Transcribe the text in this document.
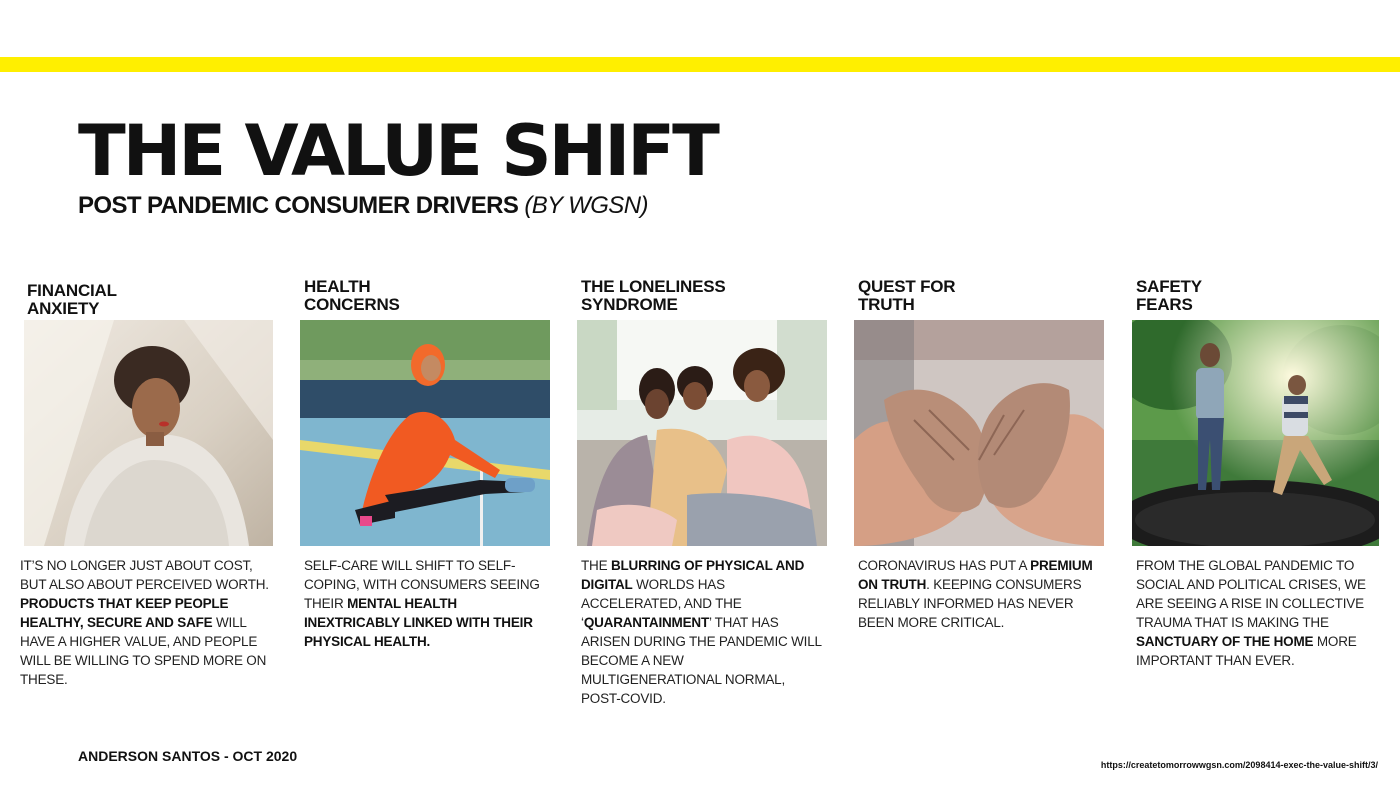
THE VALUE SHIFT

POST PANDEMIC CONSUMER DRIVERS (BY WGSN)

FINANCIAL
ANXIETY

IT’S NO LONGER JUST ABOUT COST, BUT ALSO ABOUT PERCEIVED WORTH. PRODUCTS THAT KEEP PEOPLE HEALTHY, SECURE AND SAFE WILL HAVE A HIGHER VALUE, AND PEOPLE WILL BE WILLING TO SPEND MORE ON THESE.

HEALTH
CONCERNS

SELF-CARE WILL SHIFT TO SELF-COPING, WITH CONSUMERS SEEING THEIR MENTAL HEALTH INEXTRICABLY LINKED WITH THEIR PHYSICAL HEALTH.

THE LONELINESS
SYNDROME

THE BLURRING OF PHYSICAL AND DIGITAL WORLDS HAS ACCELERATED, AND THE ‘QUARANTAINMENT’ THAT HAS ARISEN DURING THE PANDEMIC WILL BECOME A NEW MULTIGENERATIONAL NORMAL, POST-COVID.

QUEST FOR
TRUTH

CORONAVIRUS HAS PUT A PREMIUM ON TRUTH. KEEPING CONSUMERS RELIABLY INFORMED HAS NEVER BEEN MORE CRITICAL.

SAFETY
FEARS

FROM THE GLOBAL PANDEMIC TO SOCIAL AND POLITICAL CRISES, WE ARE SEEING A RISE IN COLLECTIVE TRAUMA THAT IS MAKING THE SANCTUARY OF THE HOME MORE IMPORTANT THAN EVER.

ANDERSON SANTOS - OCT 2020

https://createtomorrowwgsn.com/2098414-exec-the-value-shift/3/
